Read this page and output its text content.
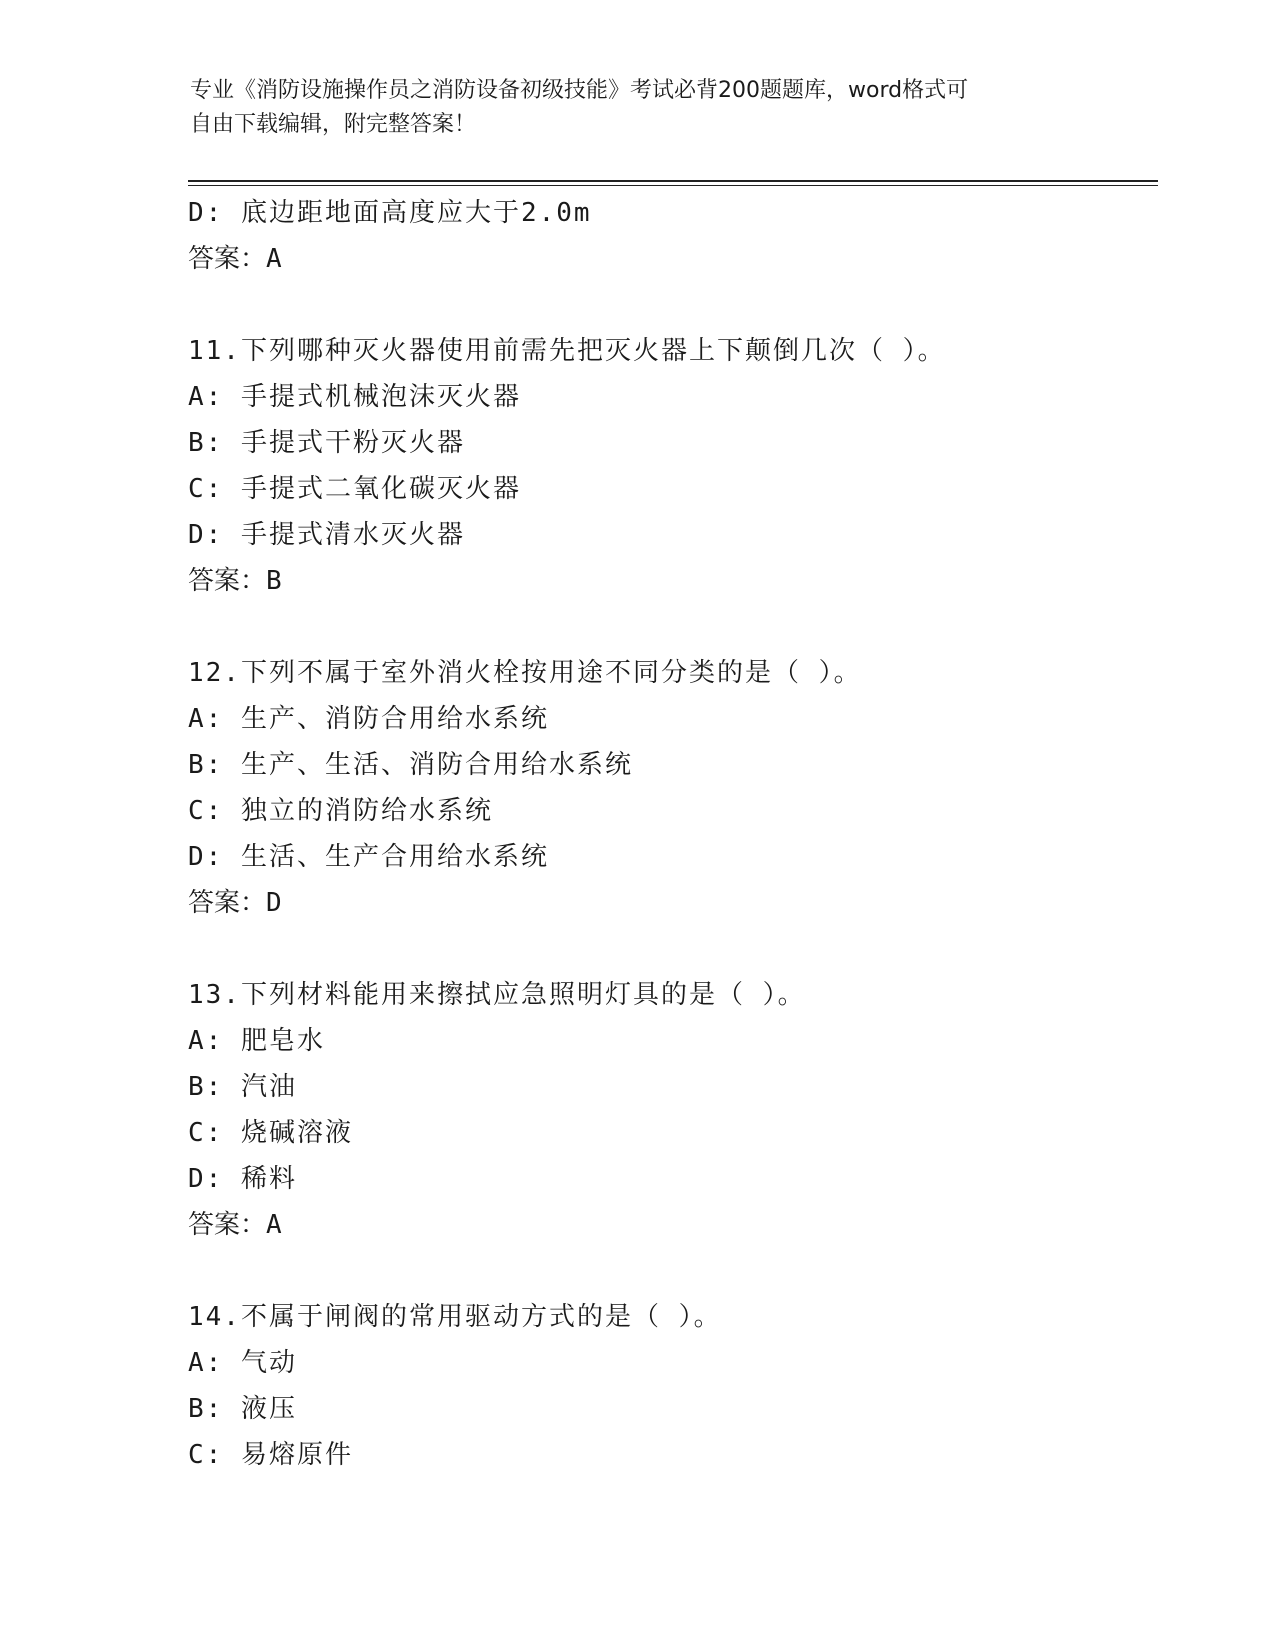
专业《消防设施操作员之消防设备初级技能》考试必背200题题库，word格式可
自由下载编辑，附完整答案！
D: 底边距地面高度应大于2.0m
答案：A
11.下列哪种灭火器使用前需先把灭火器上下颠倒几次（ ）。
A: 手提式机械泡沫灭火器
B: 手提式干粉灭火器
C: 手提式二氧化碳灭火器
D: 手提式清水灭火器
答案：B
12.下列不属于室外消火栓按用途不同分类的是（ ）。
A: 生产、消防合用给水系统
B: 生产、生活、消防合用给水系统
C: 独立的消防给水系统
D: 生活、生产合用给水系统
答案：D
13.下列材料能用来擦拭应急照明灯具的是（ ）。
A: 肥皂水
B: 汽油
C: 烧碱溶液
D: 稀料
答案：A
14.不属于闸阀的常用驱动方式的是（ ）。
A: 气动
B: 液压
C: 易熔原件
